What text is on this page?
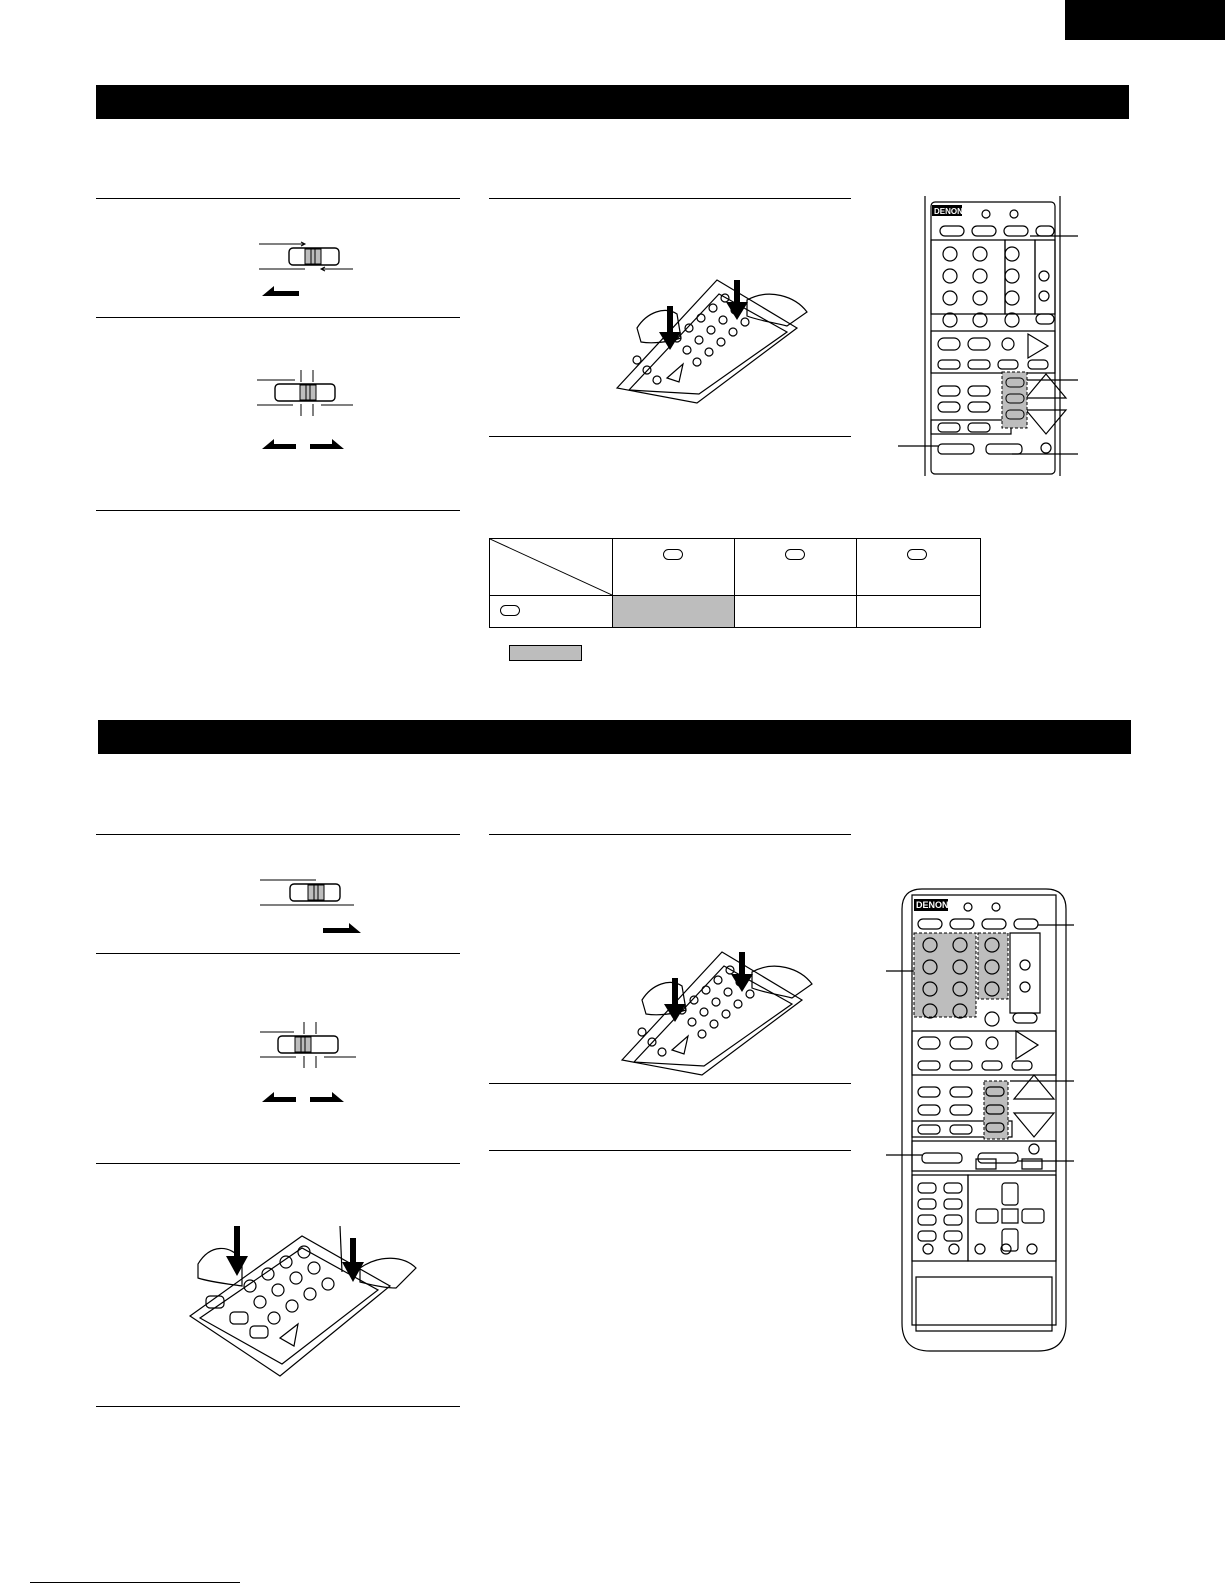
DENON
DENON
